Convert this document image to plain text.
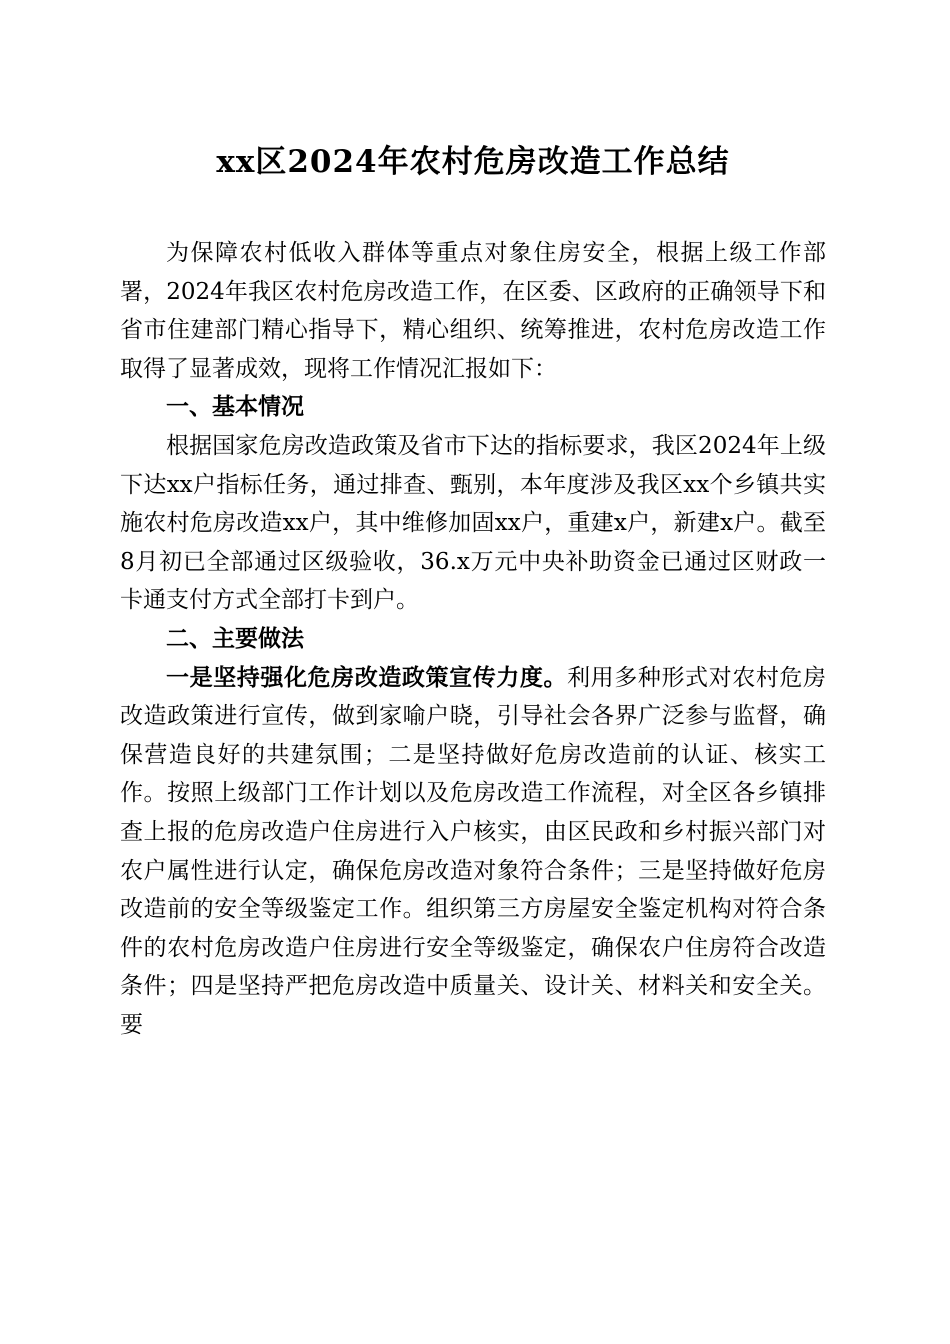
xx区2024年农村危房改造工作总结

为保障农村低收入群体等重点对象住房安全，根据上级工作部署，2024年我区农村危房改造工作，在区委、区政府的正确领导下和省市住建部门精心指导下，精心组织、统筹推进，农村危房改造工作取得了显著成效，现将工作情况汇报如下：

一、基本情况

根据国家危房改造政策及省市下达的指标要求，我区2024年上级下达xx户指标任务，通过排查、甄别，本年度涉及我区xx个乡镇共实施农村危房改造xx户，其中维修加固xx户，重建x户，新建x户。截至8月初已全部通过区级验收，36.x万元中央补助资金已通过区财政一卡通支付方式全部打卡到户。

二、主要做法

一是坚持强化危房改造政策宣传力度。利用多种形式对农村危房改造政策进行宣传，做到家喻户晓，引导社会各界广泛参与监督，确保营造良好的共建氛围；二是坚持做好危房改造前的认证、核实工作。按照上级部门工作计划以及危房改造工作流程，对全区各乡镇排查上报的危房改造户住房进行入户核实，由区民政和乡村振兴部门对农户属性进行认定，确保危房改造对象符合条件；三是坚持做好危房改造前的安全等级鉴定工作。组织第三方房屋安全鉴定机构对符合条件的农村危房改造户住房进行安全等级鉴定，确保农户住房符合改造条件；四是坚持严把危房改造中质量关、设计关、材料关和安全关。要
